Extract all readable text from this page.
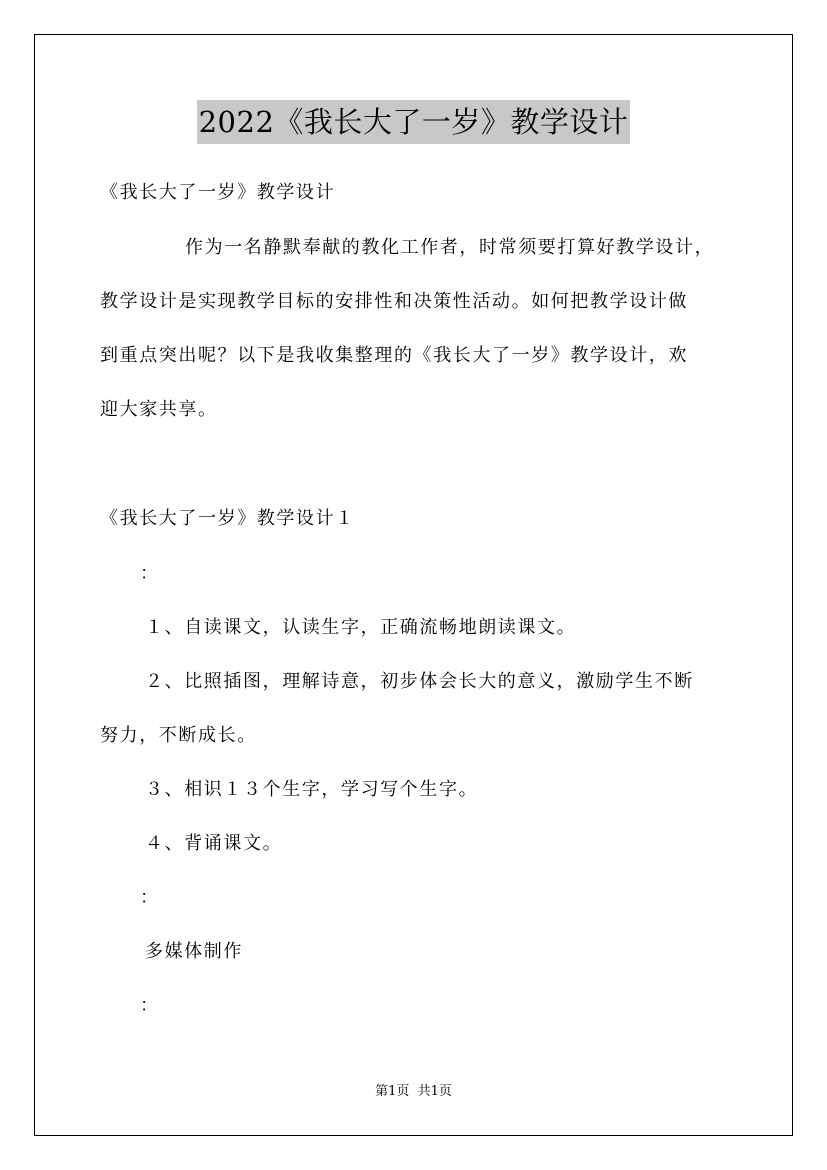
2022《我长大了一岁》教学设计
《我长大了一岁》教学设计
作为一名静默奉献的教化工作者，时常须要打算好教学设计，
教学设计是实现教学目标的安排性和决策性活动。如何把教学设计做
到重点突出呢？以下是我收集整理的《我长大了一岁》教学设计，欢
迎大家共享。
《我长大了一岁》教学设计１
：
１、自读课文，认读生字，正确流畅地朗读课文。
２、比照插图，理解诗意，初步体会长大的意义，激励学生不断
努力，不断成长。
３、相识１３个生字，学习写个生字。
４、背诵课文。
：
多媒体制作
：
第1页  共1页
